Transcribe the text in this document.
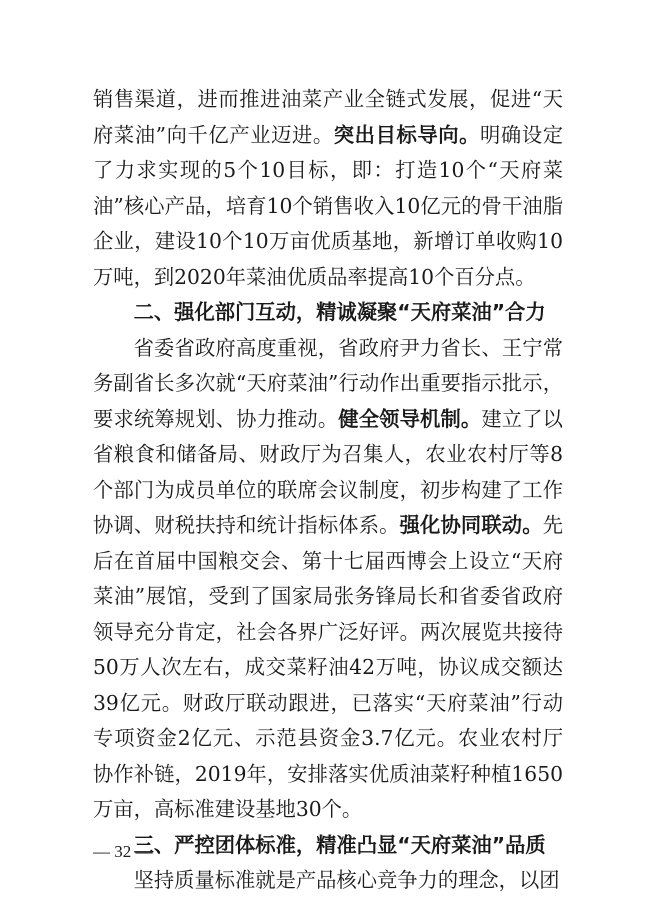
销售渠道，进而推进油菜产业全链式发展，促进“天府菜油”向千亿产业迈进。突出目标导向。明确设定了力求实现的5个10目标，即：打造10个“天府菜油”核心产品，培育10个销售收入10亿元的骨干油脂企业，建设10个10万亩优质基地，新增订单收购10万吨，到2020年菜油优质品率提高10个百分点。

二、强化部门互动，精诚凝聚“天府菜油”合力

省委省政府高度重视，省政府尹力省长、王宁常务副省长多次就“天府菜油”行动作出重要指示批示，要求统筹规划、协力推动。健全领导机制。建立了以省粮食和储备局、财政厅为召集人，农业农村厅等8个部门为成员单位的联席会议制度，初步构建了工作协调、财税扶持和统计指标体系。强化协同联动。先后在首届中国粮交会、第十七届西博会上设立“天府菜油”展馆，受到了国家局张务锋局长和省委省政府领导充分肯定，社会各界广泛好评。两次展览共接待50万人次左右，成交菜籽油42万吨，协议成交额达39亿元。财政厅联动跟进，已落实“天府菜油”行动专项资金2亿元、示范县资金3.7亿元。农业农村厅协作补链，2019年，安排落实优质油菜籽种植1650万亩，高标准建设基地30个。

三、严控团体标准，精准凸显“天府菜油”品质

坚持质量标准就是产品核心竞争力的理念，以团

— 32 —
